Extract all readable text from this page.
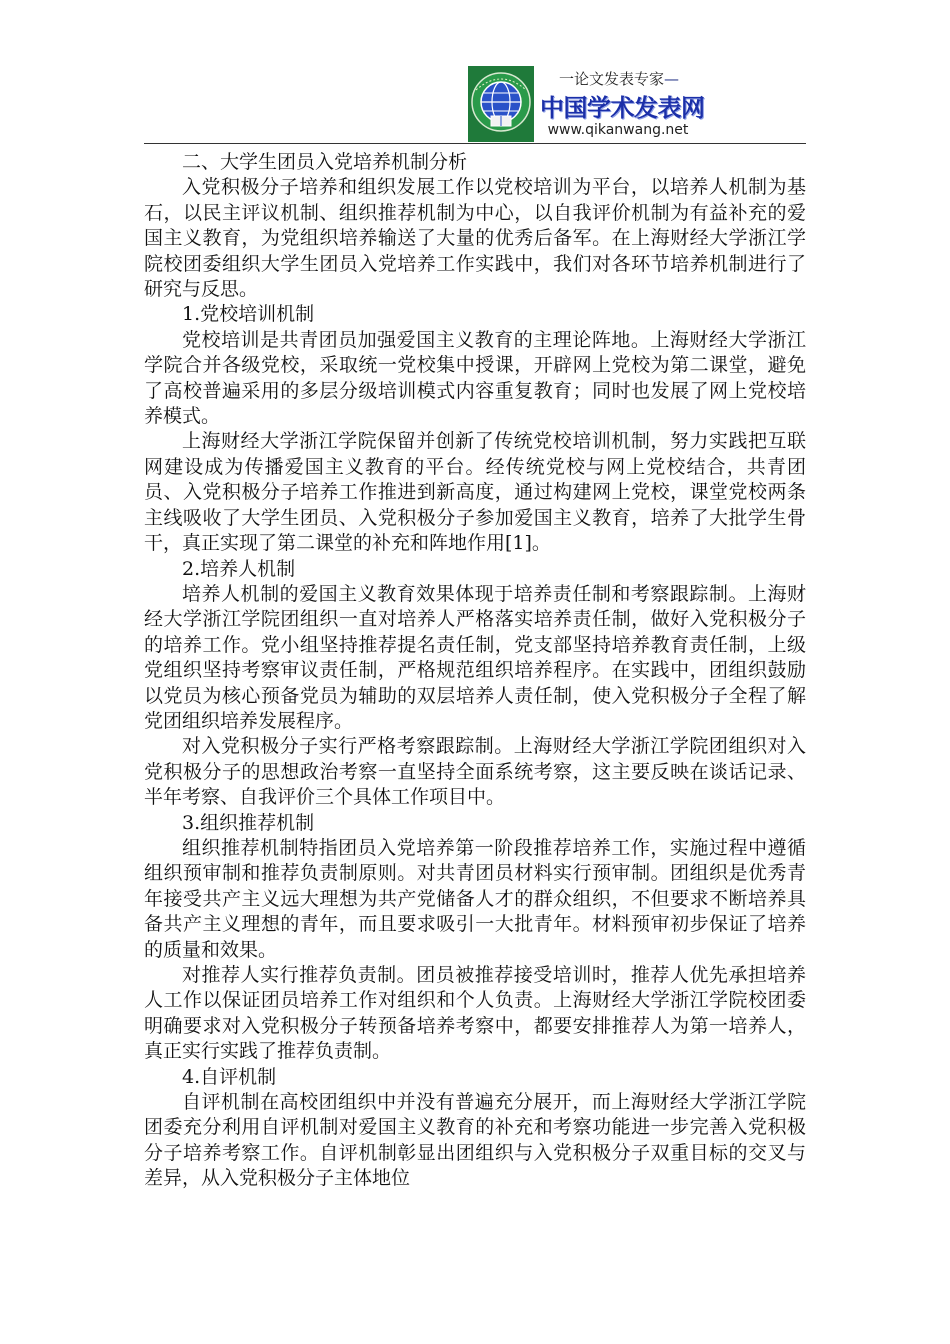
一论文发表专家—
中国学术发表网
www.qikanwang.net

二、大学生团员入党培养机制分析

入党积极分子培养和组织发展工作以党校培训为平台，以培养人机制为基石，以民主评议机制、组织推荐机制为中心，以自我评价机制为有益补充的爱国主义教育，为党组织培养输送了大量的优秀后备军。在上海财经大学浙江学院校团委组织大学生团员入党培养工作实践中，我们对各环节培养机制进行了研究与反思。

1.党校培训机制

党校培训是共青团员加强爱国主义教育的主理论阵地。上海财经大学浙江学院合并各级党校，采取统一党校集中授课，开辟网上党校为第二课堂，避免了高校普遍采用的多层分级培训模式内容重复教育；同时也发展了网上党校培养模式。

上海财经大学浙江学院保留并创新了传统党校培训机制，努力实践把互联网建设成为传播爱国主义教育的平台。经传统党校与网上党校结合，共青团员、入党积极分子培养工作推进到新高度，通过构建网上党校，课堂党校两条主线吸收了大学生团员、入党积极分子参加爱国主义教育，培养了大批学生骨干，真正实现了第二课堂的补充和阵地作用[1]。

2.培养人机制

培养人机制的爱国主义教育效果体现于培养责任制和考察跟踪制。上海财经大学浙江学院团组织一直对培养人严格落实培养责任制，做好入党积极分子的培养工作。党小组坚持推荐提名责任制，党支部坚持培养教育责任制，上级党组织坚持考察审议责任制，严格规范组织培养程序。在实践中，团组织鼓励以党员为核心预备党员为辅助的双层培养人责任制，使入党积极分子全程了解党团组织培养发展程序。

对入党积极分子实行严格考察跟踪制。上海财经大学浙江学院团组织对入党积极分子的思想政治考察一直坚持全面系统考察，这主要反映在谈话记录、半年考察、自我评价三个具体工作项目中。

3.组织推荐机制

组织推荐机制特指团员入党培养第一阶段推荐培养工作，实施过程中遵循组织预审制和推荐负责制原则。对共青团员材料实行预审制。团组织是优秀青年接受共产主义远大理想为共产党储备人才的群众组织，不但要求不断培养具备共产主义理想的青年，而且要求吸引一大批青年。材料预审初步保证了培养的质量和效果。

对推荐人实行推荐负责制。团员被推荐接受培训时，推荐人优先承担培养人工作以保证团员培养工作对组织和个人负责。上海财经大学浙江学院校团委明确要求对入党积极分子转预备培养考察中，都要安排推荐人为第一培养人，真正实行实践了推荐负责制。

4.自评机制

自评机制在高校团组织中并没有普遍充分展开，而上海财经大学浙江学院团委充分利用自评机制对爱国主义教育的补充和考察功能进一步完善入党积极分子培养考察工作。自评机制彰显出团组织与入党积极分子双重目标的交叉与差异，从入党积极分子主体地位
